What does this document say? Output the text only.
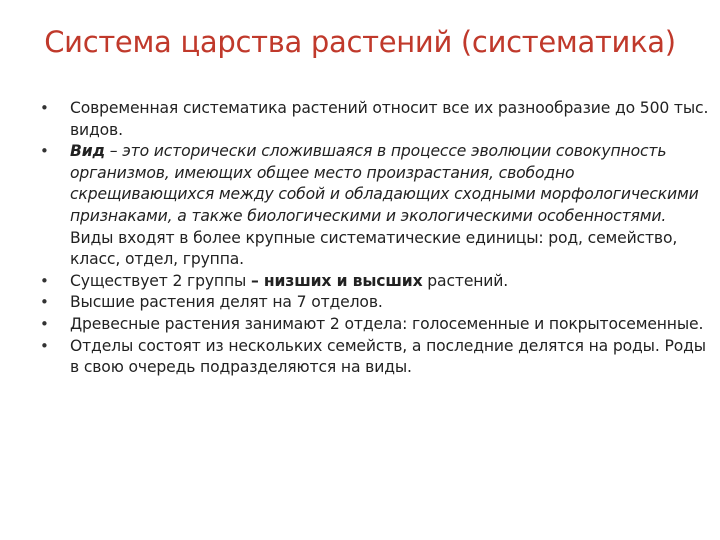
Система царства растений (систематика)
• Современная систематика растений относит все их разнообразие до 500 тыс. видов.
• Вид – это исторически сложившаяся в процессе эволюции совокупность организмов, имеющих общее место произрастания, свободно скрещивающихся между собой и обладающих сходными морфологическими признаками, а также биологическими и экологическими особенностями. Виды входят в более крупные систематические единицы: род, семейство, класс, отдел, группа.
• Существует 2 группы – низших и высших растений.
• Высшие растения делят на 7 отделов.
• Древесные растения занимают 2 отдела: голосеменные и покрытосеменные.
• Отделы состоят из нескольких семейств, а последние делятся на роды. Роды в свою очередь подразделяются на виды.
